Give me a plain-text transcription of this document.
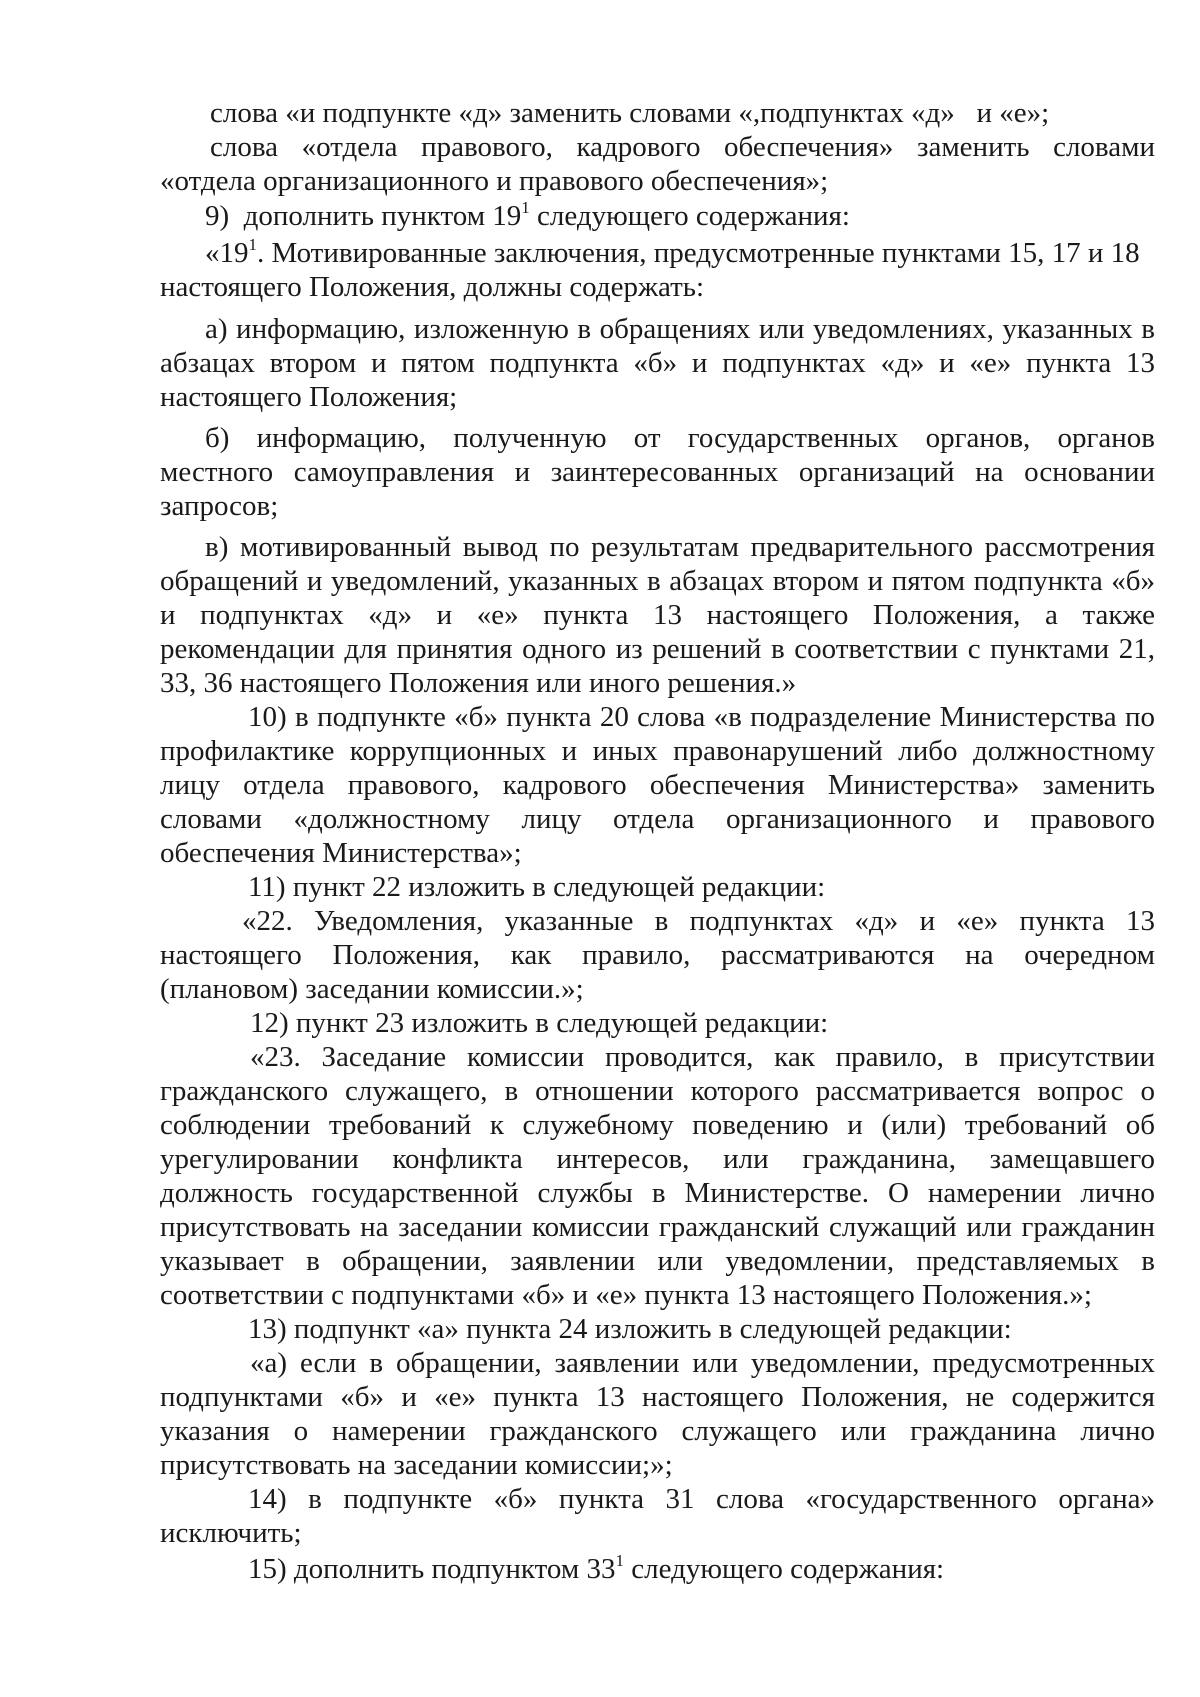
слова «и подпункте «д» заменить словами «,подпунктах «д»   и «е»;
слова «отдела правового, кадрового обеспечения» заменить словами
«отдела организационного и правового обеспечения»;
9)  дополнить пунктом $19^1$ следующего содержания:
«$19^1$. Мотивированные заключения, предусмотренные пунктами 15, 17 и 18
настоящего Положения, должны содержать:
а) информацию, изложенную в обращениях или уведомлениях, указанных в
абзацах втором и пятом подпункта «б» и подпунктах «д» и «е» пункта 13
настоящего Положения;
б) информацию, полученную от государственных органов, органов
местного самоуправления и заинтересованных организаций на основании
запросов;
в) мотивированный вывод по результатам предварительного рассмотрения
обращений и уведомлений, указанных в абзацах втором и пятом подпункта «б»
и подпунктах «д» и «е» пункта 13 настоящего Положения, а также
рекомендации для принятия одного из решений в соответствии с пунктами 21,
33, 36 настоящего Положения или иного решения.»
10) в подпункте «б» пункта 20 слова «в подразделение Министерства по
профилактике коррупционных и иных правонарушений либо должностному
лицу отдела правового, кадрового обеспечения Министерства» заменить
словами «должностному лицу отдела организационного и правового
обеспечения Министерства»;
11) пункт 22 изложить в следующей редакции:
«22. Уведомления, указанные в подпунктах «д» и «е» пункта 13
настоящего Положения, как правило, рассматриваются на очередном
(плановом) заседании комиссии.»;
12) пункт 23 изложить в следующей редакции:
«23. Заседание комиссии проводится, как правило, в присутствии
гражданского служащего, в отношении которого рассматривается вопрос о
соблюдении требований к служебному поведению и (или) требований об
урегулировании конфликта интересов, или гражданина, замещавшего
должность государственной службы в Министерстве. О намерении лично
присутствовать на заседании комиссии гражданский служащий или гражданин
указывает в обращении, заявлении или уведомлении, представляемых в
соответствии с подпунктами «б» и «е» пункта 13 настоящего Положения.»;
13) подпункт «а» пункта 24 изложить в следующей редакции:
«а) если в обращении, заявлении или уведомлении, предусмотренных
подпунктами «б» и «е» пункта 13 настоящего Положения, не содержится
указания о намерении гражданского служащего или гражданина лично
присутствовать на заседании комиссии;»;
14) в подпункте «б» пункта 31 слова «государственного органа»
исключить;
15) дополнить подпунктом $33^1$ следующего содержания:
